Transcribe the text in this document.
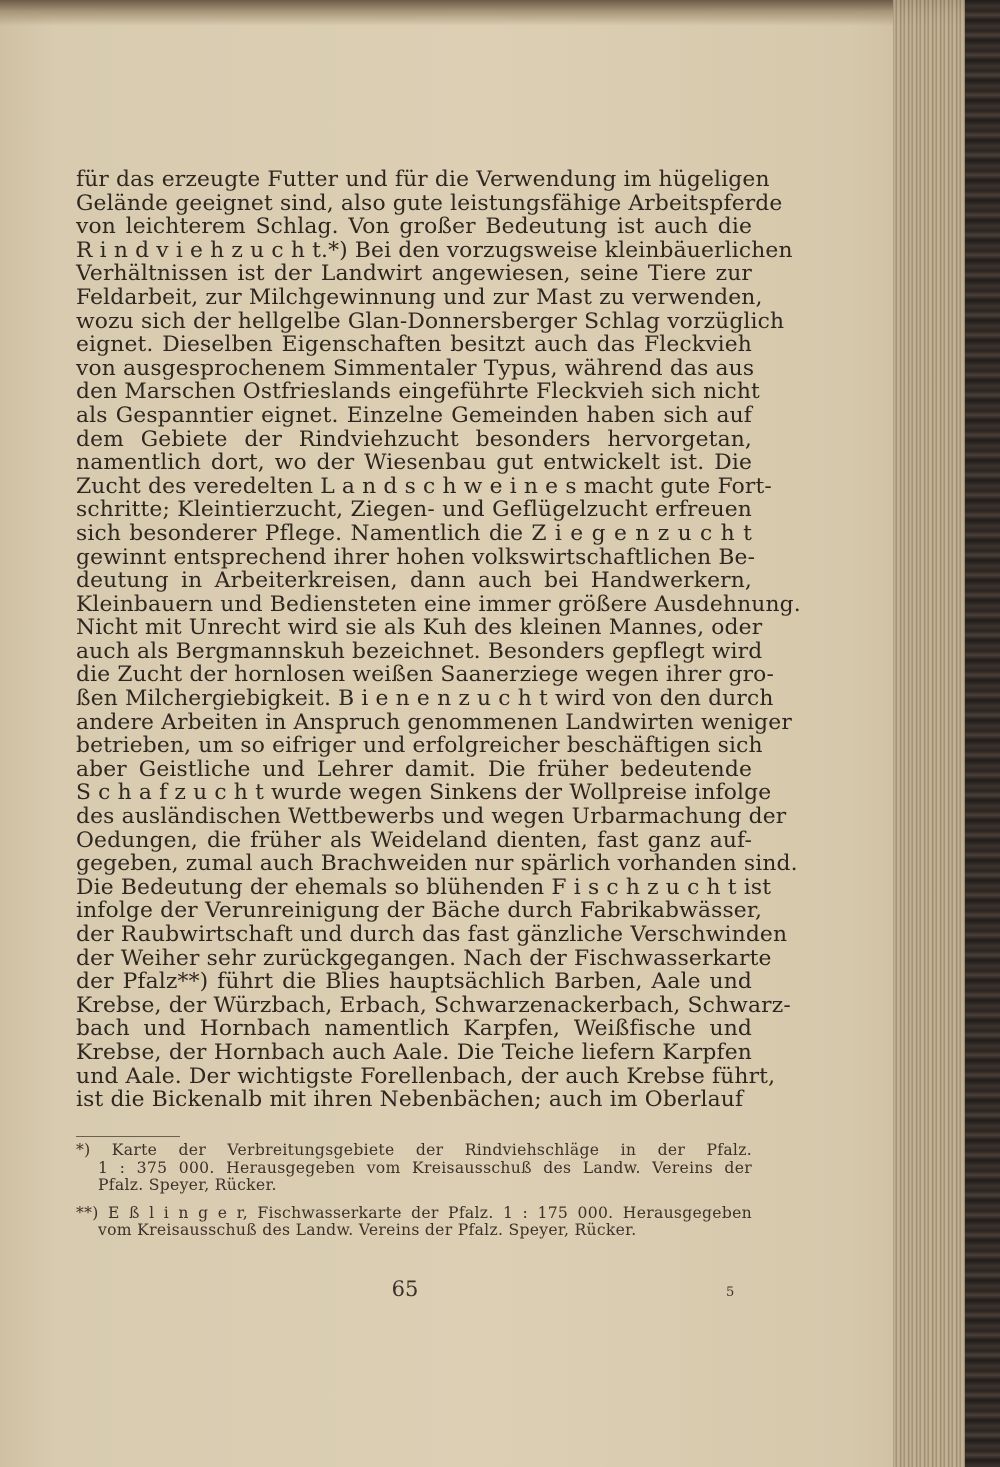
für das erzeugte Futter und für die Verwendung im hügeligen
Gelände geeignet sind, also gute leistungsfähige Arbeitspferde
von leichterem Schlag. Von großer Bedeutung ist auch die
R i n d v i e h z u c h t.*) Bei den vorzugsweise kleinbäuerlichen
Verhältnissen ist der Landwirt angewiesen, seine Tiere zur
Feldarbeit, zur Milchgewinnung und zur Mast zu verwenden,
wozu sich der hellgelbe Glan-Donnersberger Schlag vorzüglich
eignet. Dieselben Eigenschaften besitzt auch das Fleckvieh
von ausgesprochenem Simmentaler Typus, während das aus
den Marschen Ostfrieslands eingeführte Fleckvieh sich nicht
als Gespanntier eignet. Einzelne Gemeinden haben sich auf
dem Gebiete der Rindviehzucht besonders hervorgetan,
namentlich dort, wo der Wiesenbau gut entwickelt ist. Die
Zucht des veredelten L a n d s c h w e i n e s macht gute Fort-
schritte; Kleintierzucht, Ziegen- und Geflügelzucht erfreuen
sich besonderer Pflege. Namentlich die Z i e g e n z u c h t
gewinnt entsprechend ihrer hohen volkswirtschaftlichen Be-
deutung in Arbeiterkreisen, dann auch bei Handwerkern,
Kleinbauern und Bediensteten eine immer größere Ausdehnung.
Nicht mit Unrecht wird sie als Kuh des kleinen Mannes, oder
auch als Bergmannskuh bezeichnet. Besonders gepflegt wird
die Zucht der hornlosen weißen Saanerziege wegen ihrer gro-
ßen Milchergiebigkeit. B i e n e n z u c h t wird von den durch
andere Arbeiten in Anspruch genommenen Landwirten weniger
betrieben, um so eifriger und erfolgreicher beschäftigen sich
aber Geistliche und Lehrer damit. Die früher bedeutende
S c h a f z u c h t wurde wegen Sinkens der Wollpreise infolge
des ausländischen Wettbewerbs und wegen Urbarmachung der
Oedungen, die früher als Weideland dienten, fast ganz auf-
gegeben, zumal auch Brachweiden nur spärlich vorhanden sind.
Die Bedeutung der ehemals so blühenden F i s c h z u c h t ist
infolge der Verunreinigung der Bäche durch Fabrikabwässer,
der Raubwirtschaft und durch das fast gänzliche Verschwinden
der Weiher sehr zurückgegangen. Nach der Fischwasserkarte
der Pfalz**) führt die Blies hauptsächlich Barben, Aale und
Krebse, der Würzbach, Erbach, Schwarzenackerbach, Schwarz-
bach und Hornbach namentlich Karpfen, Weißfische und
Krebse, der Hornbach auch Aale. Die Teiche liefern Karpfen
und Aale. Der wichtigste Forellenbach, der auch Krebse führt,
ist die Bickenalb mit ihren Nebenbächen; auch im Oberlauf
*) Karte der Verbreitungsgebiete der Rindviehschläge in der Pfalz.
1 : 375 000. Herausgegeben vom Kreisausschuß des Landw. Vereins der
Pfalz. Speyer, Rücker.
**) E ß l i n g e r, Fischwasserkarte der Pfalz. 1 : 175 000. Herausgegeben
vom Kreisausschuß des Landw. Vereins der Pfalz. Speyer, Rücker.
65	5
